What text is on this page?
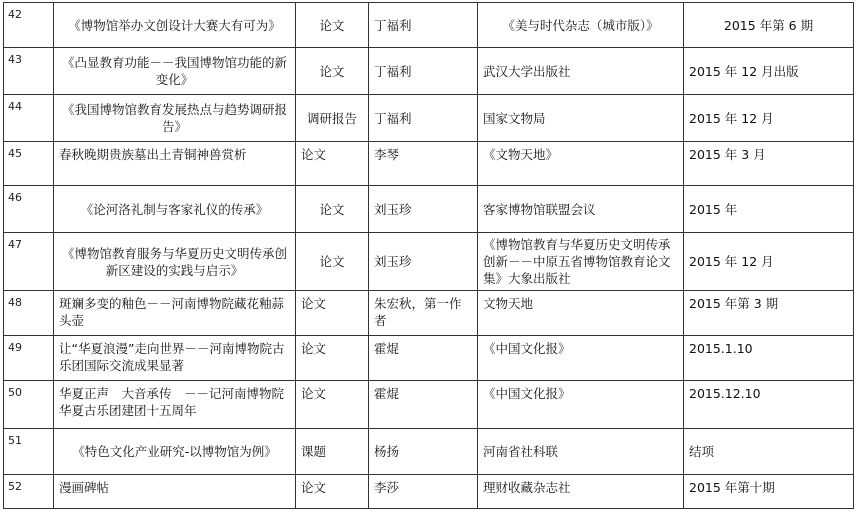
42	《博物馆举办文创设计大赛大有可为》	论文	丁福利	《美与时代杂志（城市版）》	2015 年第 6 期
43	《凸显教育功能－－我国博物馆功能的新变化》	论文	丁福利	武汉大学出版社	2015 年 12 月出版
44	《我国博物馆教育发展热点与趋势调研报告》	调研报告	丁福利	国家文物局	2015 年 12 月
45	春秋晚期贵族墓出土青铜神兽赏析	论文	李琴	《文物天地》	2015 年 3 月
46	《论河洛礼制与客家礼仪的传承》	论文	刘玉珍	客家博物馆联盟会议	2015 年
47	《博物馆教育服务与华夏历史文明传承创新区建设的实践与启示》	论文	刘玉珍	《博物馆教育与华夏历史文明传承创新－－中原五省博物馆教育论文集》大象出版社	2015 年 12 月
48	斑斓多变的釉色－－河南博物院藏花釉蒜头壶	论文	朱宏秋，第一作者	文物天地	2015 年第 3 期
49	让“华夏浪漫”走向世界－－河南博物院古乐团国际交流成果显著	论文	霍焜	《中国文化报》	2015.1.10
50	华夏正声　大音承传　－－记河南博物院华夏古乐团建团十五周年	论文	霍焜	《中国文化报》	2015.12.10
51	《特色文化产业研究-以博物馆为例》	课题	杨扬	河南省社科联	结项
52	漫画碑帖	论文	李莎	理财收藏杂志社	2015 年第十期
